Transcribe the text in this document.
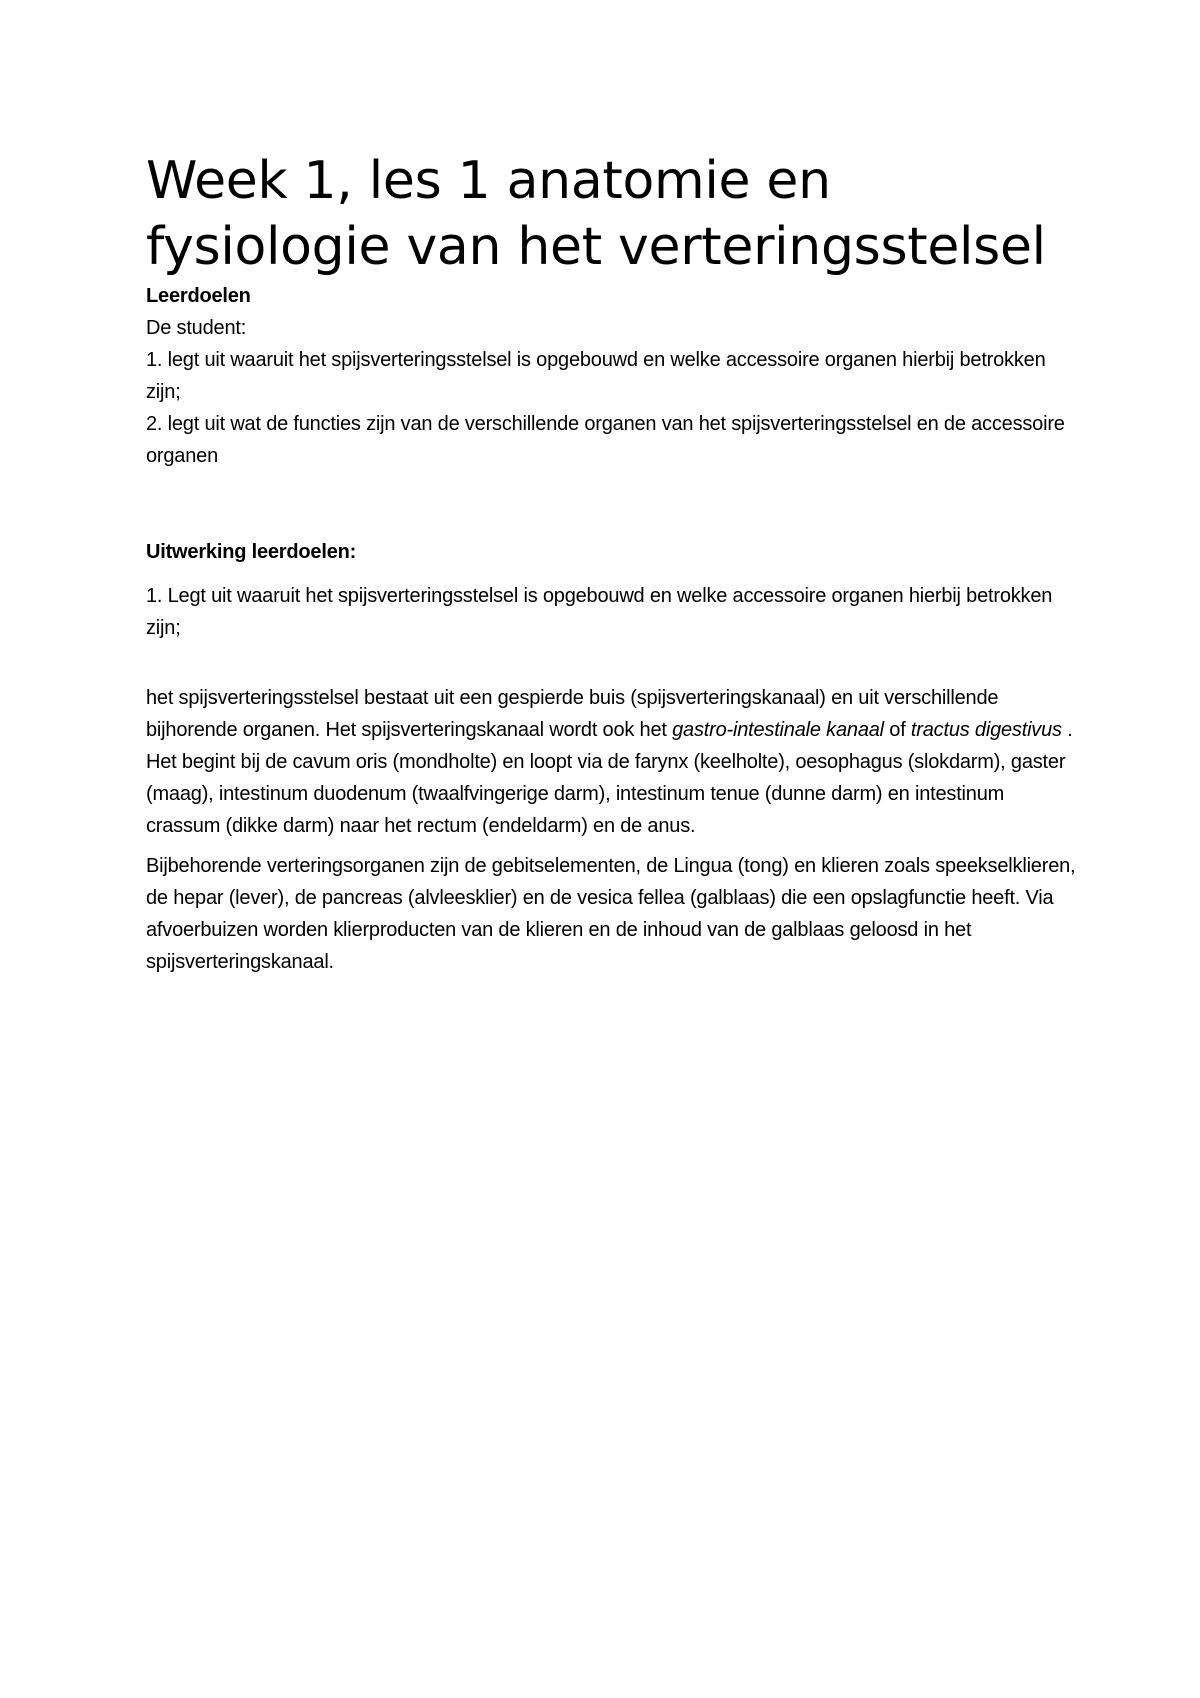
Week 1, les 1 anatomie en fysiologie van het verteringsstelsel

Leerdoelen

De student:

1. legt uit waaruit het spijsverteringsstelsel is opgebouwd en welke accessoire organen hierbij betrokken zijn;

2. legt uit wat de functies zijn van de verschillende organen van het spijsverteringsstelsel en de accessoire organen

Uitwerking leerdoelen:

1. Legt uit waaruit het spijsverteringsstelsel is opgebouwd en welke accessoire organen hierbij betrokken zijn;

het spijsverteringsstelsel bestaat uit een gespierde buis (spijsverteringskanaal) en uit verschillende bijhorende organen. Het spijsverteringskanaal wordt ook het gastro-intestinale kanaal of tractus digestivus . Het begint bij de cavum oris (mondholte) en loopt via de farynx (keelholte), oesophagus (slokdarm), gaster (maag), intestinum duodenum (twaalfvingerige darm), intestinum tenue (dunne darm) en intestinum crassum (dikke darm) naar het rectum (endeldarm) en de anus.

Bijbehorende verteringsorganen zijn de gebitselementen, de Lingua (tong) en klieren zoals speekselklieren, de hepar (lever), de pancreas (alvleesklier) en de vesica fellea (galblaas) die een opslagfunctie heeft. Via afvoerbuizen worden klierproducten van de klieren en de inhoud van de galblaas geloosd in het spijsverteringskanaal.
